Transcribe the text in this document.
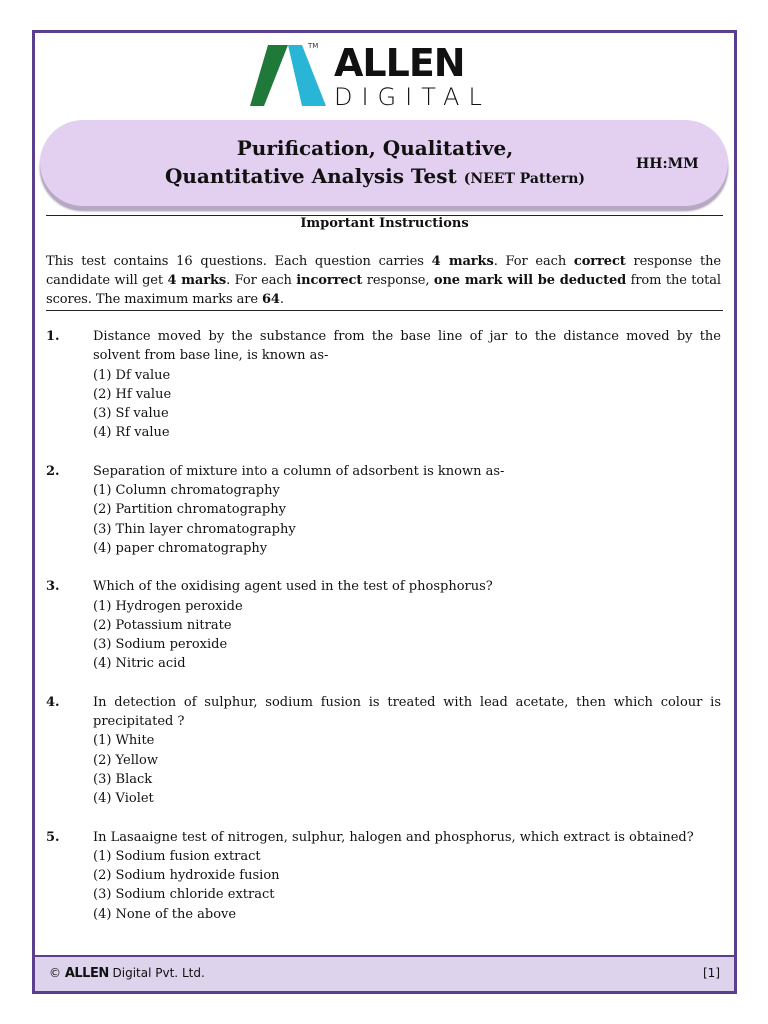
TM ALLEN
DIGITAL
Purification, Qualitative,
Quantitative Analysis Test (NEET Pattern)
HH:MM
Important Instructions
This test contains 16 questions. Each question carries 4 marks. For each correct response the candidate will get 4 marks. For each incorrect response, one mark will be deducted from the total scores. The maximum marks are 64.
1.	Distance moved by the substance from the base line of jar to the distance moved by the solvent from base line, is known as-
(1) Df value
(2) Hf value
(3) Sf value
(4) Rf value
2.	Separation of mixture into a column of adsorbent is known as-
(1) Column chromatography
(2) Partition chromatography
(3) Thin layer chromatography
(4) paper chromatography
3.	Which of the oxidising agent used in the test of phosphorus?
(1) Hydrogen peroxide
(2) Potassium nitrate
(3) Sodium peroxide
(4) Nitric acid
4.	In detection of sulphur, sodium fusion is treated with lead acetate, then which colour is precipitated ?
(1) White
(2) Yellow
(3) Black
(4) Violet
5.	In Lasaaigne test of nitrogen, sulphur, halogen and phosphorus, which extract is obtained?
(1) Sodium fusion extract
(2) Sodium hydroxide fusion
(3) Sodium chloride extract
(4) None of the above
© ALLEN Digital Pvt. Ltd.	[1]
